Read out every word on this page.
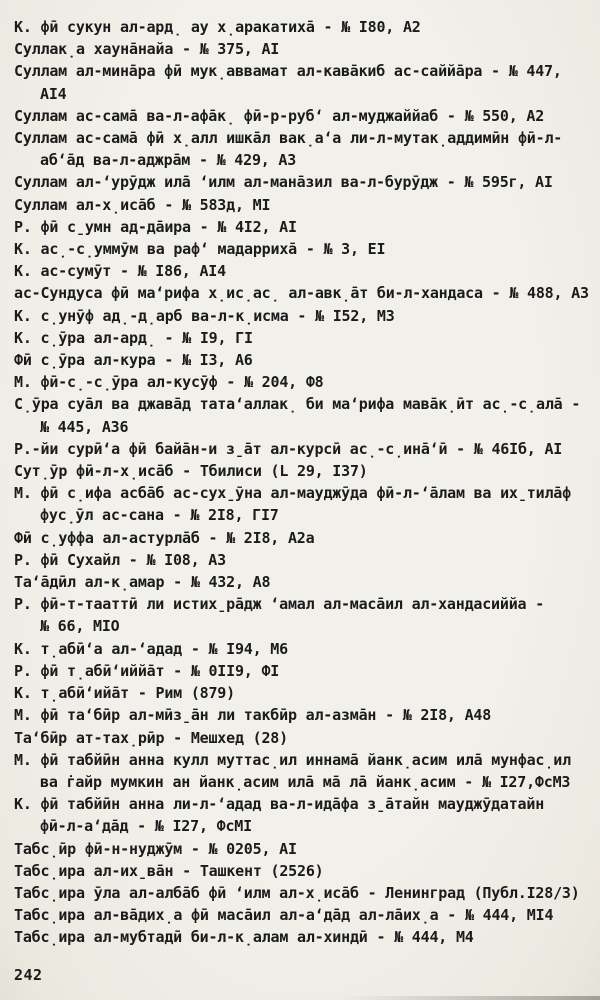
К. фӣ сукун ал-ард̣ ау х̣аракатиха̄ - № I80, А2
Суллак̣а хауна̄найа - № 375, АI
Суллам ал-мина̄ра фӣ мук̣аввамат ал-кава̄киб ас-саййа̄ра - № 447,
АI4
Суллам ас-сама̄ ва-л-афа̄к̣ фӣ-р-руб‘ ал-муджаййаб - № 550, А2
Суллам ас-сама̄ фӣ х̣алл ишка̄л вак̣а‘а ли-л-мутак̣аддимӣн фӣ-л-
аб‘а̄д ва-л-аджра̄м - № 429, А3
Суллам ал-‘урӯдж ила̄ ‘илм ал-мана̄зил ва-л-бурӯдж - № 595г, АI
Суллам ал-х̣иса̄б - № 583д, МI
Р. фӣ с̱умн ад-да̄ира - № 4I2, АI
К. ас̣-с̣уммӯм ва раф‘ мадарриха̄ - № 3, ЕI
К. ас-сумӯт - № I86, АI4
ас-Сундуса фӣ ма‘рифа х̣ис̣ас̣ ал-авк̣а̄т би-л-хандаса - № 488, А3
К. с̣унӯф ад̣-д̣арб ва-л-к̣исма - № I52, М3
К. с̣ӯра ал-ард̣ - № I9, ГI
Фӣ с̣ӯра ал-кура - № I3, А6
М. фӣ-с̣-с̣ӯра ал-кусӯф - № 204, Ф8
С̣ӯра суа̄л ва джава̄д тата‘аллак̣ би ма‘рифа мава̄к̣ӣт ас̣-с̣ала̄ -
№ 445, А36
Р.-йи сурӣ‘а фӣ байа̄н-и з̱а̄т ал-курсӣ ас̣-с̣ина̄‘ӣ - № 46Iб, АI
Сут̣ӯр фӣ-л-х̣иса̄б - Тбилиси (L 29, I37)
М. фӣ с̣ифа асба̄б ас-сух̱ӯна ал-мауджӯда фӣ-л-‘а̄лам ва их̱тила̄ф
фус̣ӯл ас-сана - № 2I8, ГI7
Фӣ с̣уффа ал-астурла̄б - № 2I8, А2а
Р. фӣ Сухайл - № I08, А3
Та‘а̄дӣл ал-к̣амар - № 432, А8
Р. фӣ-т-тааттӣ ли истих̱ра̄дж ‘амал ал-маса̄ил ал-хандасиййа -
№ 66, МIО
К. т̣абӣ‘а ал-‘адад - № I94, М6
Р. фӣ т̣абӣ‘иййа̄т - № 0II9, ФI
К. т̣абӣ‘ийа̄т - Рим (879)
М. фӣ та‘бӣр ал-мӣз̱а̄н ли такбӣр ал-азма̄н - № 2I8, А48
Та‘бӣр ат-тах̣рӣр - Мешхед (28)
М. фӣ табйӣн анна кулл муттас̣ил иннама̄ йанк̣асим ила̄ мунфас̣ил
ва г̇айр мумкин ан йанк̣асим ила̄ ма̄ ла̄ йанк̣асим - № I27,ФсМ3
К. фӣ табйӣн анна ли-л-‘адад ва-л-ида̄фа з̱а̄тайн мауджӯдатайн
фӣ-л-а‘да̄д - № I27, ФсМI
Табс̣ӣр фӣ-н-нуджӯм - № 0205, АI
Табс̣ира ал-их̱ва̄н - Ташкент (2526)
Табс̣ира ӯла ал-алба̄б фӣ ‘илм ал-х̣иса̄б - Ленинград (Публ.I28/3)
Табс̣ира ал-ва̄дих̣а фӣ маса̄ил ал-а‘да̄д ал-ла̄их̣а - № 444, МI4
Табс̣ира ал-мубтадӣ би-л-к̣алам ал-хиндӣ - № 444, М4
242
